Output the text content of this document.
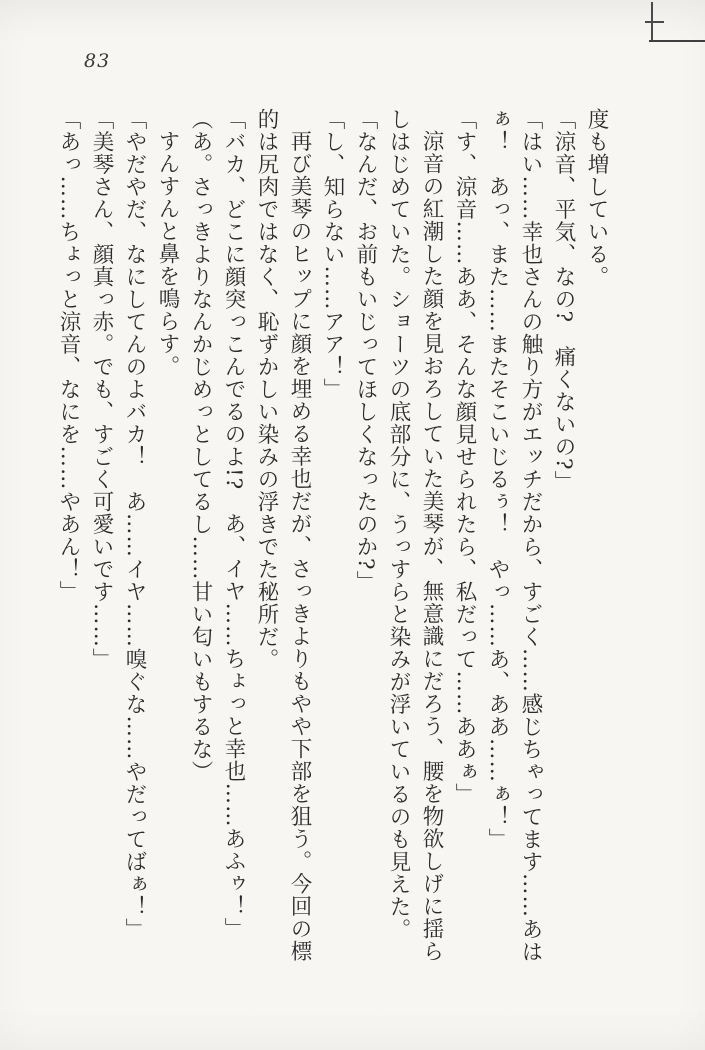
83

度も増している。

「涼音、平気、なの?　痛くないの?」

「はい……幸也さんの触り方がエッチだから、すごく……感じちゃってます……あはぁ！　あっ、また……またそこいじるぅ！　やっ……あ、ああ……ぁ！」

「す、涼音……ああ、そんな顔見せられたら、私だって……ああぁ」

涼音の紅潮した顔を見おろしていた美琴が、無意識にだろう、腰を物欲しげに揺らしはじめていた。ショーツの底部分に、うっすらと染みが浮いているのも見えた。

「なんだ、お前もいじってほしくなったのか?」

「し、知らない……アア！」

再び美琴のヒップに顔を埋める幸也だが、さっきよりもやや下部を狙う。今回の標的は尻肉ではなく、恥ずかしい染みの浮きでた秘所だ。

「バカ、どこに顔突っこんでるのよ!?　あ、イヤ……ちょっと幸也……あふゥ！」

（あ。さっきよりなんかじめっとしてるし……甘い匂いもするな）

すんすんと鼻を鳴らす。

「やだやだ、なにしてんのよバカ！　あ……イヤ……嗅ぐな……やだってばぁ！」

「美琴さん、顔真っ赤。でも、すごく可愛いです……」

「あっ……ちょっと涼音、なにを……やあん！」
